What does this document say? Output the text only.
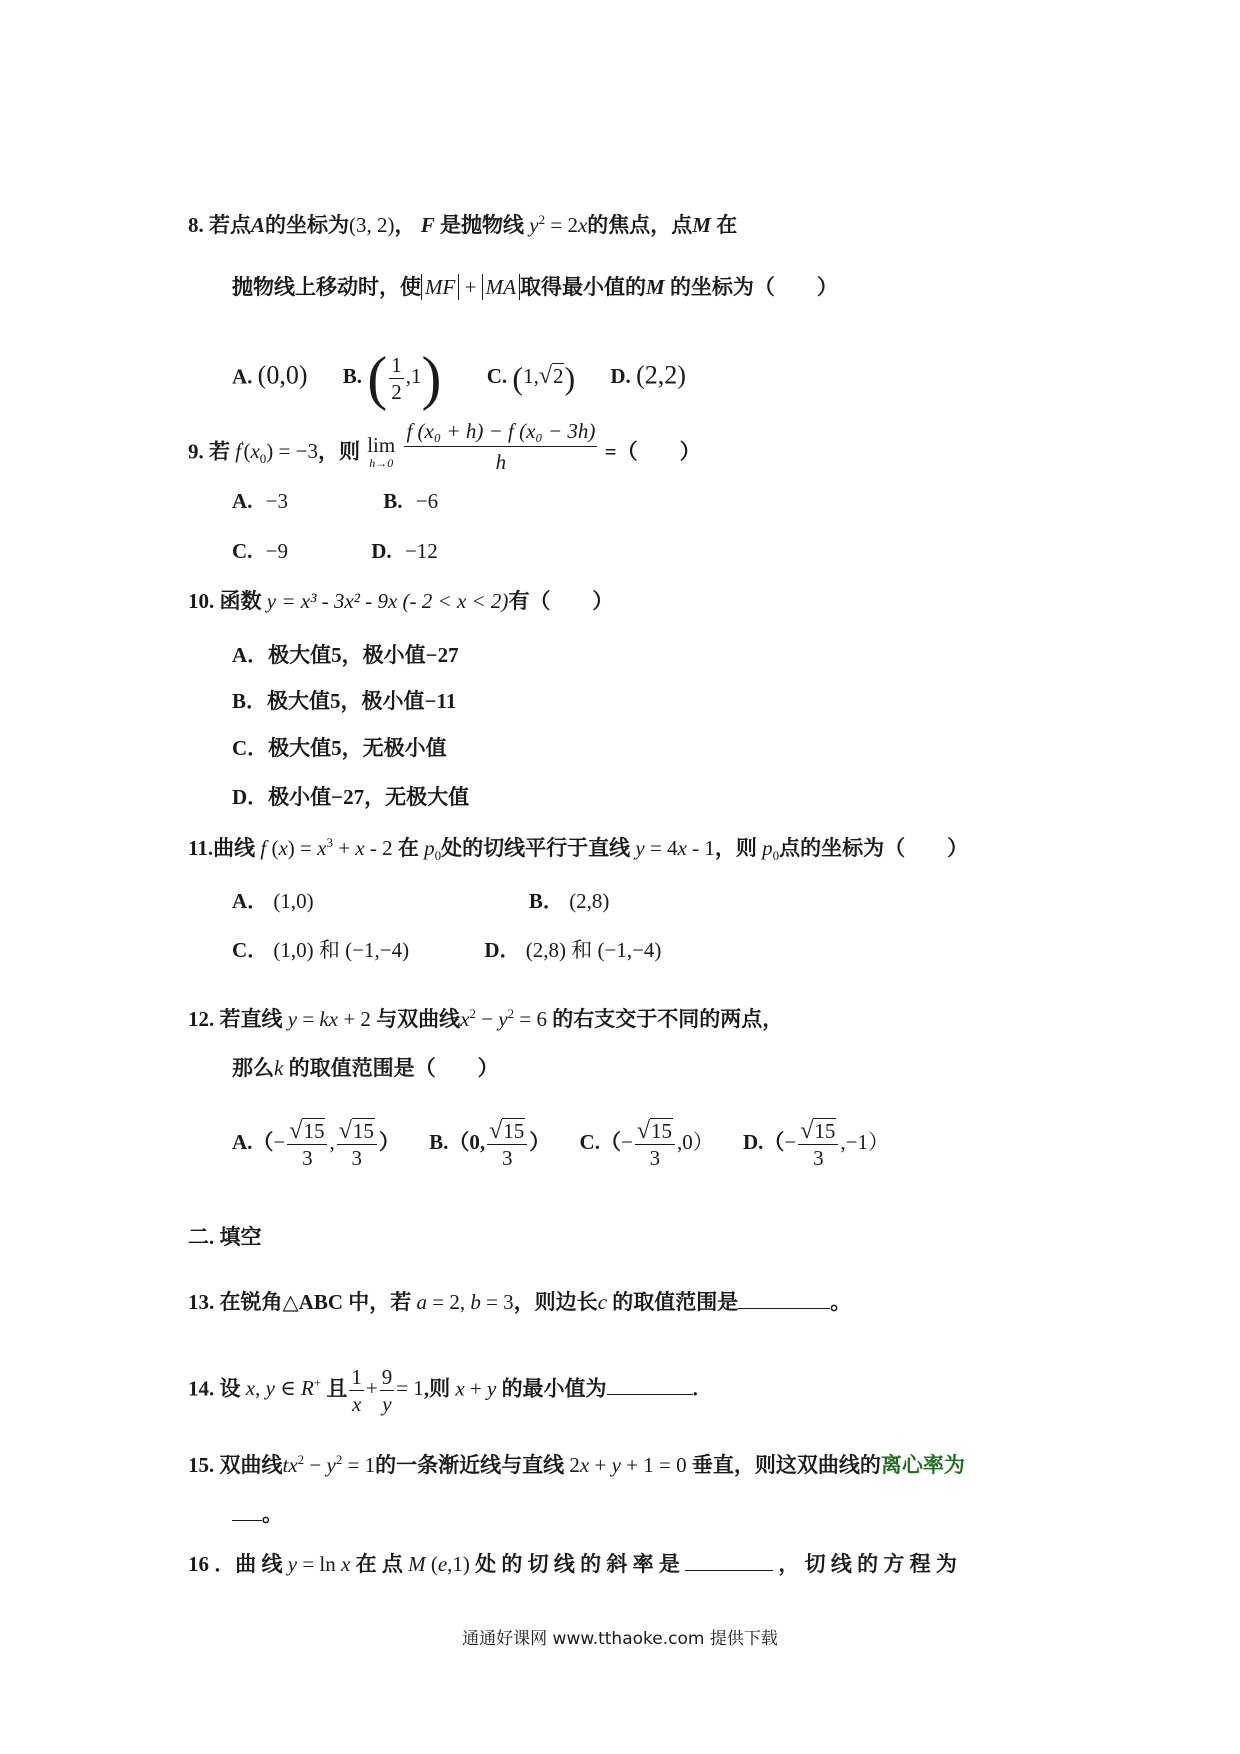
8. 若点A的坐标为(3, 2)， F 是抛物线 $y^2 = 2x$的焦点，点M 在
抛物线上移动时，使 MF + MA 取得最小值的M 的坐标为（　　）
A. (0,0) B. ( $\frac{1}{2} ,1$) C. (1,√2) D. (2,2)
9. 若 $f'(x_0) = -3$，则 lim
h→0
$\frac{\text{f (x₀ + h) − f (x₀ − 3h)}}{h}$ =（　　）
A. −3	B. −6
C. −9	D. −12
10. 函数 y = x³ - 3x² - 9x (- 2 < x < 2)有（　　）
A．极大值5，极小值−27
B．极大值5，极小值−11
C．极大值5，无极小值
D．极小值−27，无极大值
11.曲线 f $(x) = x^3 + x - 2$ 在 $p_0$处的切线平行于直线 y = 4x - 1，则 $p_0$点的坐标为（　　）
A． (1,0)	B． (2,8)
C． (1,0) 和 (−1,−4)	D． (2,8) 和 (−1,−4)
12. 若直线 y = kx + 2 与双曲线$x^2 - y^2 = 6$ 的右支交于不同的两点，
那么k 的取值范围是（　　）
$A.(- \frac{√15}{3}$ , $\frac{√15}{3}$ ） B.（0, $\frac{√15}{3}$ ） $C.(- \frac{√15}{3} ,0)$ $D.(- \frac{√15}{3} ,-1)$
二. 填空
13. 在锐角△ABC 中，若 a = 2, b = 3，则边长c 的取值范围是	。
14. 设 x, y ∈ R+ 且 $\frac{1}{x} + \frac{9}{y} = 1$,则 x + y 的最小值为	.
15. 双曲线$tx^2 - y^2 = 1$的一条渐近线与直线 2x + y + 1 = 0 垂直，则这双曲线的离心率为
。
16 ．曲 线 y = ln x 在 点 M (e,1) 处 的 切 线 的 斜 率 是	， 切 线 的 方 程 为
通通好课网 www.tthaoke.com 提供下载
